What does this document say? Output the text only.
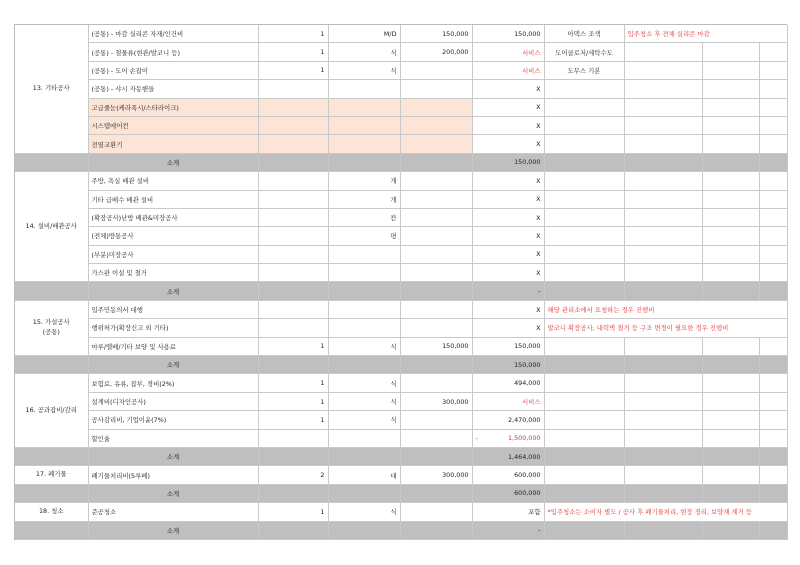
13. 기타공사	(공통) - 마감 실리콘 자재/인건비	1	M/D	150,000	150,000	아덱스 조색	입주청소 후 전체 실리콘 마감		
	(공통) - 철물류(현관/발코니 등)	1	식	200,000	서비스	도어클로저/세탁수도			
	(공통) - 도어 손잡이	1	식		서비스	도무스 기본			
	(공통) - 샤시 자동핸들				X				
	고급줄눈(케라폭시/스타라이크)				X				
	시스템에어컨				X				
	전열교환기				X				
	소계				150,000				
14. 설비/배관공사	주방, 욕실 배관 설비		개		X				
	기타 급배수 배관 설비		개		X				
	(확장공사)난방 배관&미장공사		칸		X				
	(전체)방통공사		평		X				
	(부분)미장공사				X				
	가스관 이설 및 철거				X				
	소계				-				

15. 가설공사
(공통)	입주민동의서 대행				X	해당 관리소에서 요청하는 경우 진행비			
	행위허가(확장신고 외 기타)				X	발코니 확장공사, 내력벽 철거 등 구조 변경이 필요한 경우 진행비			
	마루/엘베/기타 보양 및 사용료	1	식	150,000	150,000				
	소계				150,000				
16. 공과잡비/감리	보험료, 유류, 잡부, 경비(2%)	1	식		494,000				
	설계비(디자인공사)	1	식	300,000	서비스				
	공사감리비, 기업이윤(7%)	1	식		2,470,000				
	할인율				- 1,500,000				

	소계				1,464,000				
17. 폐기물	폐기물처리비(5루베)	2	대	300,000	600,000				
	소계				600,000				
18. 청소	준공청소	1	식		포함	*입주청소는 소비자 별도 / 공사 후 폐기물처리, 현장 정리, 보양재 제거 등			
	소계				-				
